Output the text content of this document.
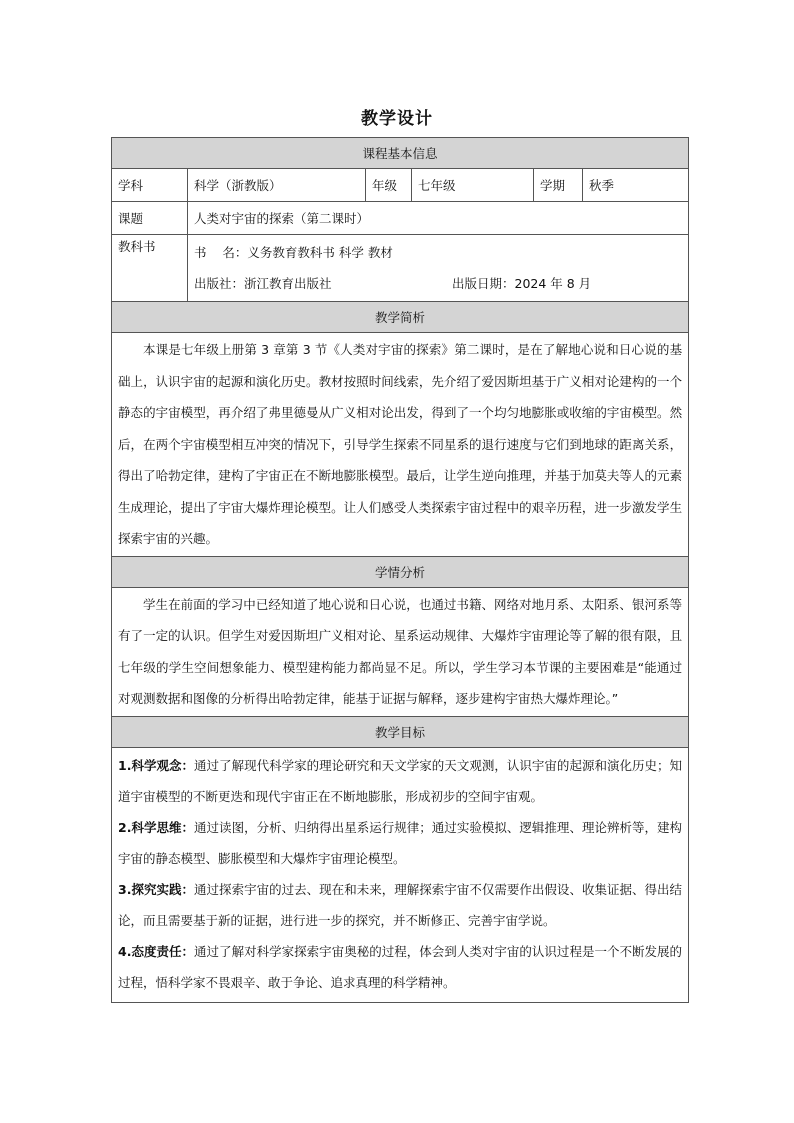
教学设计
课程基本信息					
学科	科学（浙教版）	年级	七年级	学期	秋季
课题	人类对宇宙的探索（第二课时）				
教科书	书    名：义务教育教科书 科学 教材
出版社：浙江教育出版社 出版日期：2024 年 8 月				

教学简析					
本课是七年级上册第 3 章第 3 节《人类对宇宙的探索》第二课时，是在了解地心说和日心说的基础上，认识宇宙的起源和演化历史。教材按照时间线索，先介绍了爱因斯坦基于广义相对论建构的一个静态的宇宙模型，再介绍了弗里德曼从广义相对论出发，得到了一个均匀地膨胀或收缩的宇宙模型。然后，在两个宇宙模型相互冲突的情况下，引导学生探索不同星系的退行速度与它们到地球的距离关系，得出了哈勃定律，建构了宇宙正在不断地膨胀模型。最后，让学生逆向推理，并基于加莫夫等人的元素生成理论，提出了宇宙大爆炸理论模型。让人们感受人类探索宇宙过程中的艰辛历程，进一步激发学生探索宇宙的兴趣。					
学情分析					
学生在前面的学习中已经知道了地心说和日心说，也通过书籍、网络对地月系、太阳系、银河系等有了一定的认识。但学生对爱因斯坦广义相对论、星系运动规律、大爆炸宇宙理论等了解的很有限，且七年级的学生空间想象能力、模型建构能力都尚显不足。所以，学生学习本节课的主要困难是“能通过对观测数据和图像的分析得出哈勃定律，能基于证据与解释，逐步建构宇宙热大爆炸理论。”					
教学目标					

1.科学观念：通过了解现代科学家的理论研究和天文学家的天文观测，认识宇宙的起源和演化历史；知道宇宙模型的不断更迭和现代宇宙正在不断地膨胀，形成初步的空间宇宙观。

2.科学思维：通过读图，分析、归纳得出星系运行规律；通过实验模拟、逻辑推理、理论辨析等，建构宇宙的静态模型、膨胀模型和大爆炸宇宙理论模型。

3.探究实践：通过探索宇宙的过去、现在和未来，理解探索宇宙不仅需要作出假设、收集证据、得出结论，而且需要基于新的证据，进行进一步的探究，并不断修正、完善宇宙学说。

4.态度责任：通过了解对科学家探索宇宙奥秘的过程，体会到人类对宇宙的认识过程是一个不断发展的过程，悟科学家不畏艰辛、敢于争论、追求真理的科学精神。					
